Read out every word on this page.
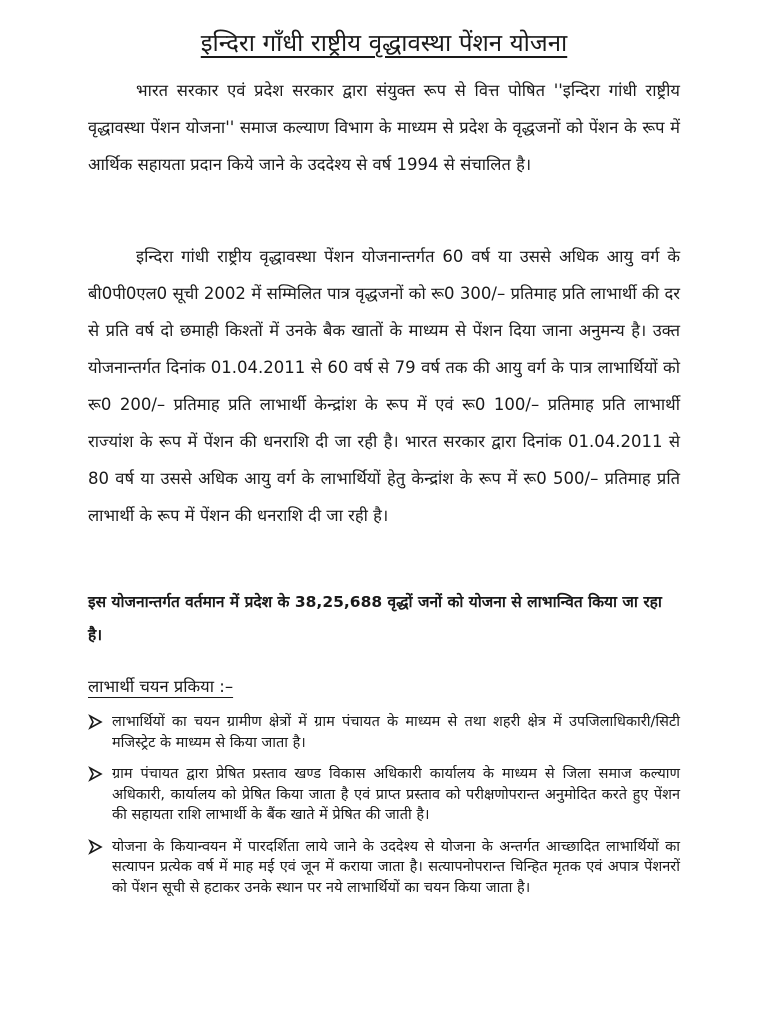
इन्दिरा गाँधी राष्ट्रीय वृद्धावस्था पेंशन योजना

भारत सरकार एवं प्रदेश सरकार द्वारा संयुक्त रूप से वित्त पोषित ''इन्दिरा गांधी राष्ट्रीय वृद्धावस्था पेंशन योजना'' समाज कल्याण विभाग के माध्यम से प्रदेश के वृद्धजनों को पेंशन के रूप में आर्थिक सहायता प्रदान किये जाने के उददेश्य से वर्ष 1994 से संचालित है।

इन्दिरा गांधी राष्ट्रीय वृद्धावस्था पेंशन योजनान्तर्गत 60 वर्ष या उससे अधिक आयु वर्ग के बी0पी0एल0 सूची 2002 में सम्मिलित पात्र वृद्धजनों को रू0 300/– प्रतिमाह प्रति लाभार्थी की दर से प्रति वर्ष दो छमाही किश्तों में उनके बैक खातों के माध्यम से पेंशन दिया जाना अनुमन्य है। उक्त योजनान्तर्गत दिनांक 01.04.2011 से 60 वर्ष से 79 वर्ष तक की आयु वर्ग के पात्र लाभार्थियों को रू0 200/– प्रतिमाह प्रति लाभार्थी केन्द्रांश के रूप में एवं रू0 100/– प्रतिमाह प्रति लाभार्थी राज्यांश के रूप में पेंशन की धनराशि दी जा रही है। भारत सरकार द्वारा दिनांक 01.04.2011 से 80 वर्ष या उससे अधिक आयु वर्ग के लाभार्थियों हेतु केन्द्रांश के रूप में रू0 500/– प्रतिमाह प्रति लाभार्थी के रूप में पेंशन की धनराशि दी जा रही है।

इस योजनान्तर्गत वर्तमान में प्रदेश के 38,25,688 वृद्धों जनों को योजना से लाभान्वित किया जा रहा है।

लाभार्थी चयन प्रकिया :–
लाभार्थियों का चयन ग्रामीण क्षेत्रों में ग्राम पंचायत के माध्यम से तथा शहरी क्षेत्र में उपजिलाधिकारी/सिटी मजिस्ट्रेट के माध्यम से किया जाता है।
ग्राम पंचायत द्वारा प्रेषित प्रस्ताव खण्ड विकास अधिकारी कार्यालय के माध्यम से जिला समाज कल्याण अधिकारी, कार्यालय को प्रेषित किया जाता है एवं प्राप्त प्रस्ताव को परीक्षणोपरान्त अनुमोदित करते हुए पेंशन की सहायता राशि लाभार्थी के बैंक खाते में प्रेषित की जाती है।
योजना के कियान्वयन में पारदर्शिता लाये जाने के उददेश्य से योजना के अन्तर्गत आच्छादित लाभार्थियों का सत्यापन प्रत्येक वर्ष में माह मई एवं जून में कराया जाता है। सत्यापनोपरान्त चिन्हित मृतक एवं अपात्र पेंशनरों को पेंशन सूची से हटाकर उनके स्थान पर नये लाभार्थियों का चयन किया जाता है।
